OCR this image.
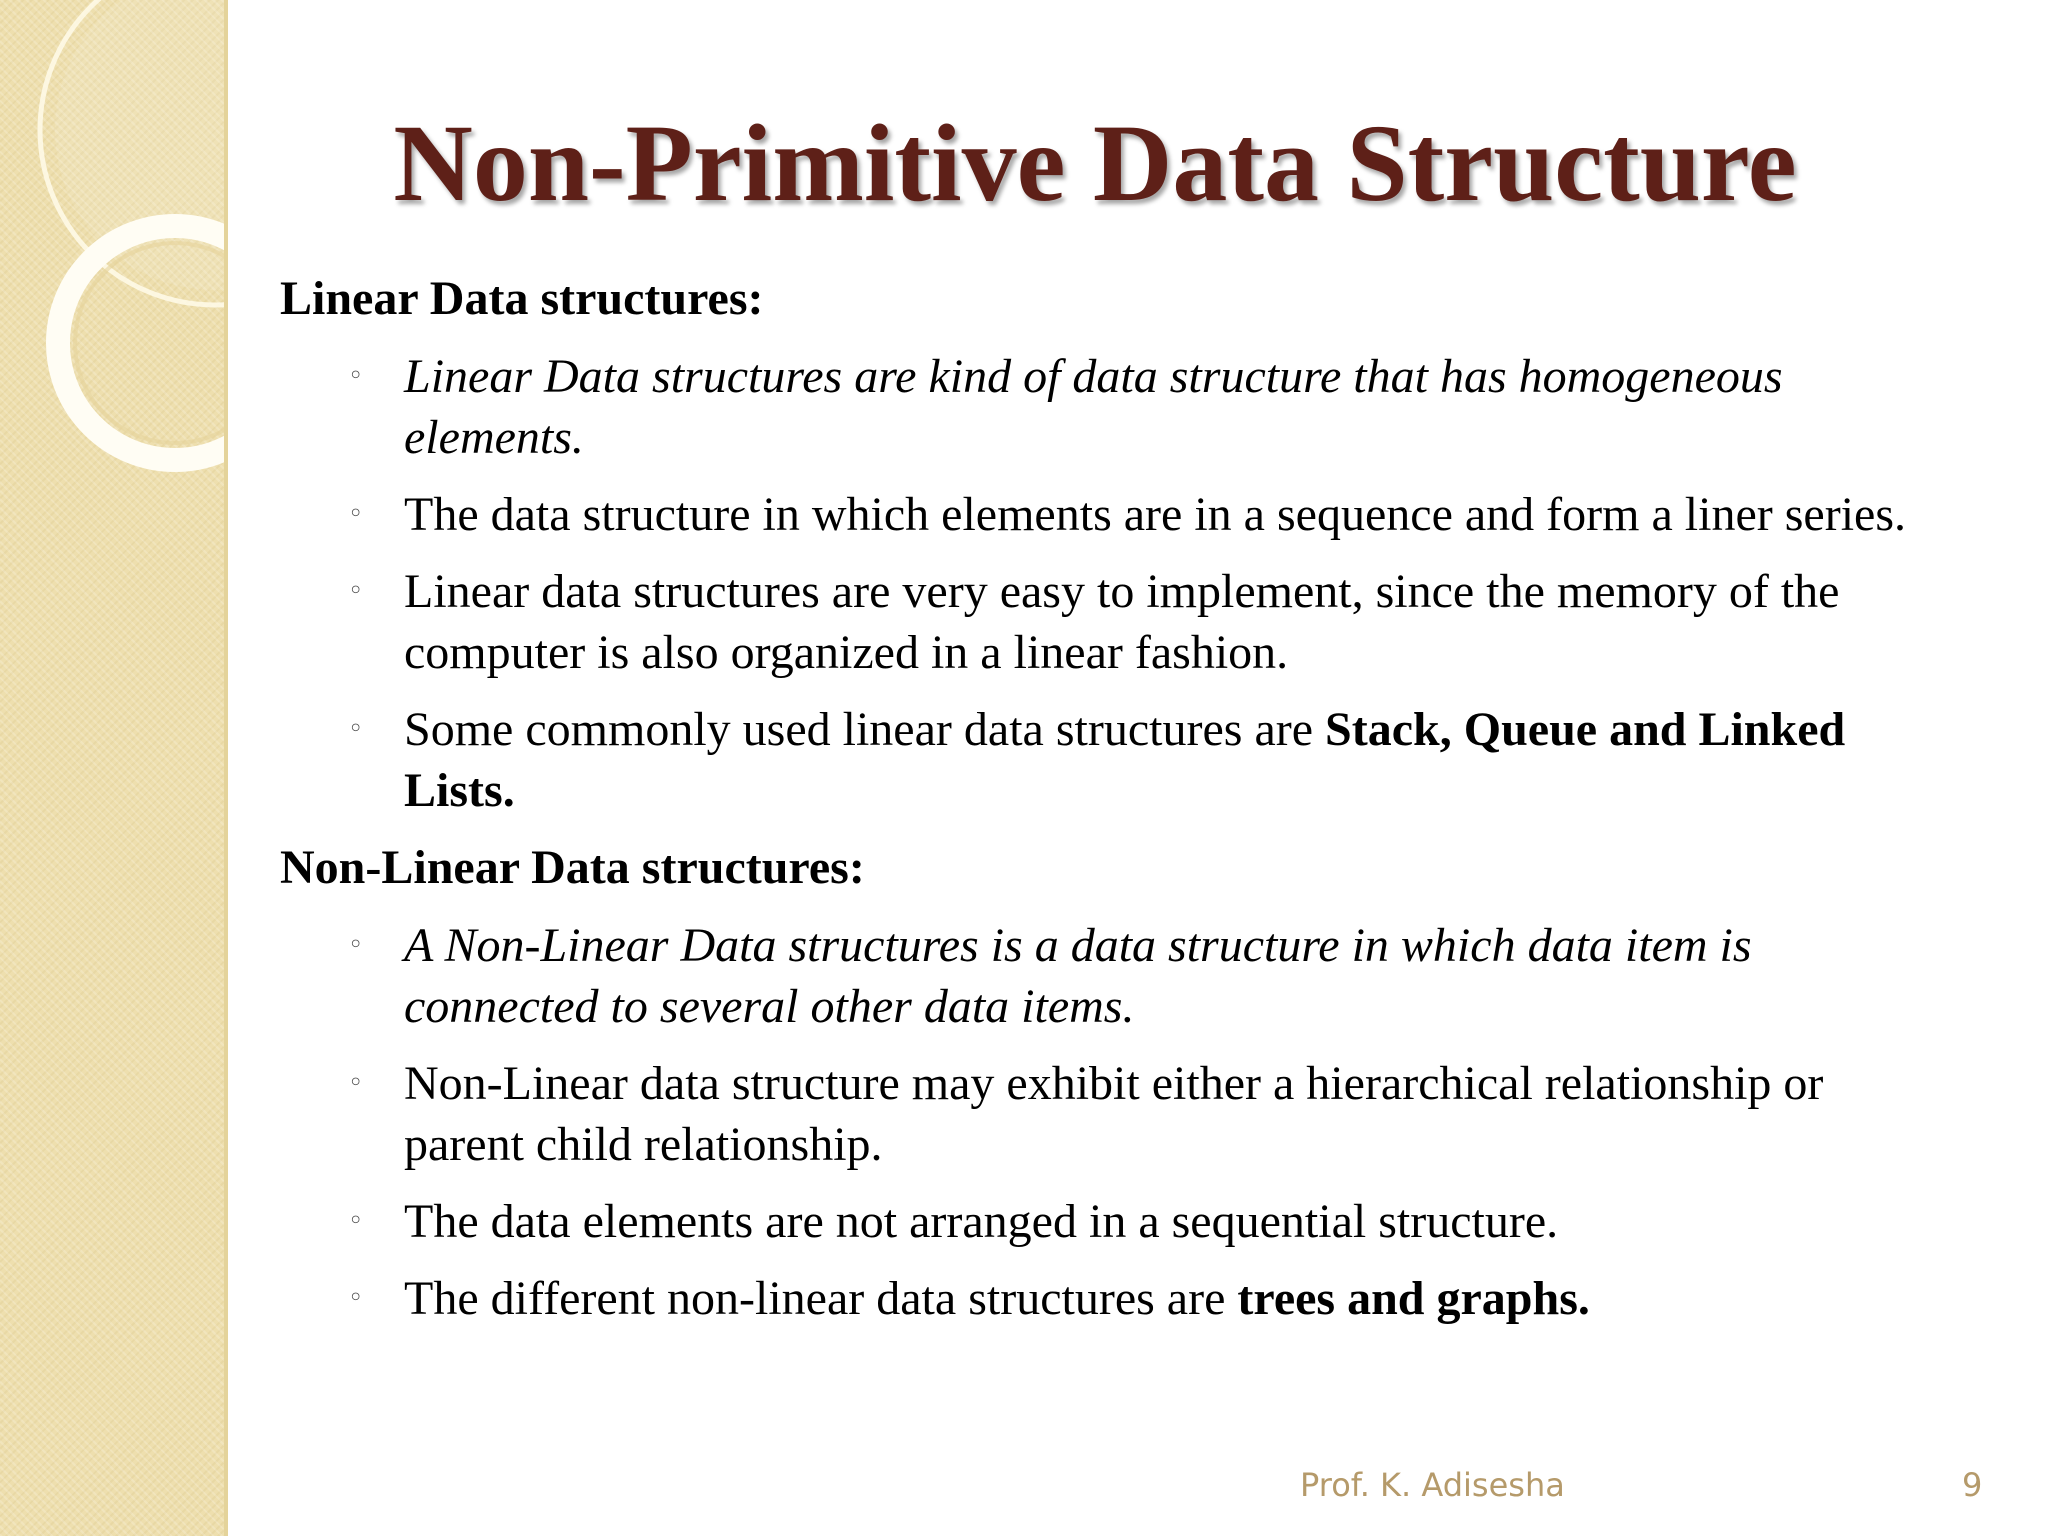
Non-Primitive Data Structure

Linear Data structures:

◦ Linear Data structures are kind of data structure that has homogeneous elements.
◦ The data structure in which elements are in a sequence and form a liner series.
◦ Linear data structures are very easy to implement, since the memory of the computer is also organized in a linear fashion.
◦ Some commonly used linear data structures are Stack, Queue and Linked
Lists.

Non-Linear Data structures:

◦ A Non-Linear Data structures is a data structure in which data item is connected to several other data items.
◦ Non-Linear data structure may exhibit either a hierarchical relationship or parent child relationship.
◦ The data elements are not arranged in a sequential structure.
◦ The different non-linear data structures are trees and graphs.
Prof. K. Adisesha	9
